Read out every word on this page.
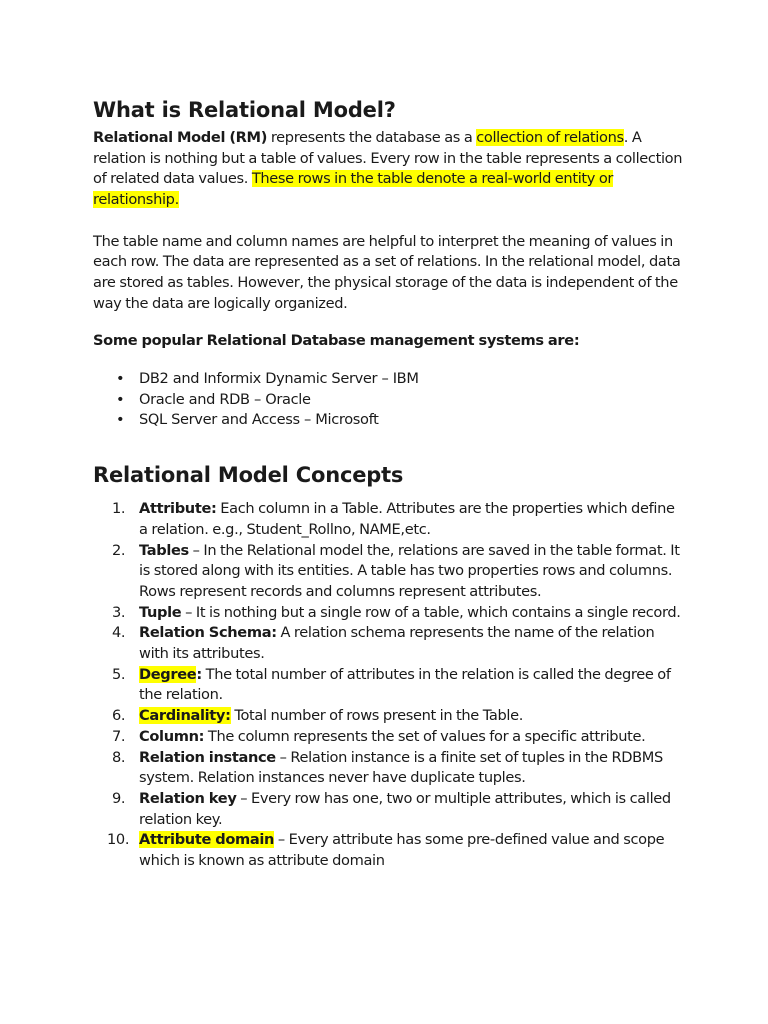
What is Relational Model?

Relational Model (RM) represents the database as a collection of relations. A relation is nothing but a table of values. Every row in the table represents a collection of related data values. These rows in the table denote a real-world entity or relationship.

The table name and column names are helpful to interpret the meaning of values in each row. The data are represented as a set of relations. In the relational model, data are stored as tables. However, the physical storage of the data is independent of the way the data are logically organized.

Some popular Relational Database management systems are:

• DB2 and Informix Dynamic Server – IBM
• Oracle and RDB – Oracle
• SQL Server and Access – Microsoft
Relational Model Concepts
1. Attribute: Each column in a Table. Attributes are the properties which define a relation. e.g., Student_Rollno, NAME,etc.
2. Tables – In the Relational model the, relations are saved in the table format. It is stored along with its entities. A table has two properties rows and columns. Rows represent records and columns represent attributes.
3. Tuple – It is nothing but a single row of a table, which contains a single record.
4. Relation Schema: A relation schema represents the name of the relation with its attributes.
5. Degree: The total number of attributes in the relation is called the degree of the relation.
6. Cardinality: Total number of rows present in the Table.
7. Column: The column represents the set of values for a specific attribute.
8. Relation instance – Relation instance is a finite set of tuples in the RDBMS system. Relation instances never have duplicate tuples.
9. Relation key – Every row has one, two or multiple attributes, which is called relation key.
10. Attribute domain – Every attribute has some pre-defined value and scope which is known as attribute domain
